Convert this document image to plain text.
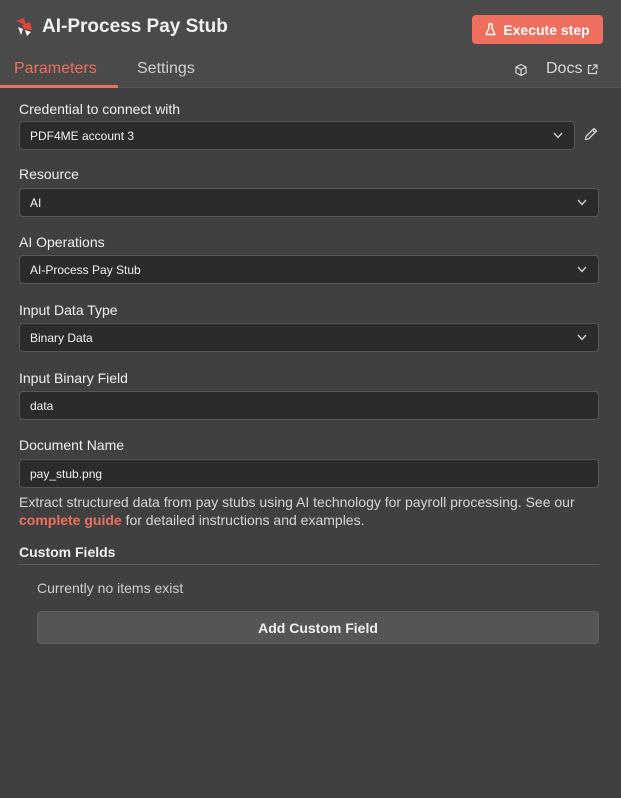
AI-Process Pay Stub	Execute step
Parameters	Settings	Docs
Credential to connect with
PDF4ME account 3
Resource
AI
AI Operations
AI-Process Pay Stub
Input Data Type
Binary Data
Input Binary Field
data
Document Name
pay_stub.png
Extract structured data from pay stubs using AI technology for payroll processing. See our complete guide for detailed instructions and examples.
Custom Fields
Currently no items exist
Add Custom Field
